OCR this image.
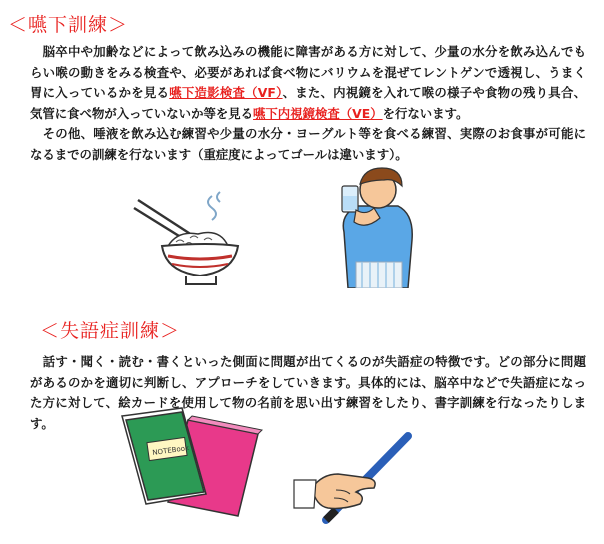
＜嚥下訓練＞

脳卒中や加齢などによって飲み込みの機能に障害がある方に対して、少量の水分を飲み込んでもらい喉の動きをみる検査や、必要があれば食べ物にバリウムを混ぜてレントゲンで透視し、うまく胃に入っているかを見る嚥下造影検査（VF）、また、内視鏡を入れて喉の様子や食物の残り具合、気管に食べ物が入っていないか等を見る嚥下内視鏡検査（VE）を行ないます。
その他、唾液を飲み込む練習や少量の水分・ヨーグルト等を食べる練習、実際のお食事が可能になるまでの訓練を行ないます（重症度によってゴールは違います）。

＜失語症訓練＞

話す・聞く・読む・書くといった側面に問題が出てくるのが失語症の特徴です。どの部分に問題があるのかを適切に判断し、アプローチをしていきます。具体的には、脳卒中などで失語症になった方に対して、絵カードを使用して物の名前を思い出す練習をしたり、書字訓練を行なったりします。

NOTEBook
